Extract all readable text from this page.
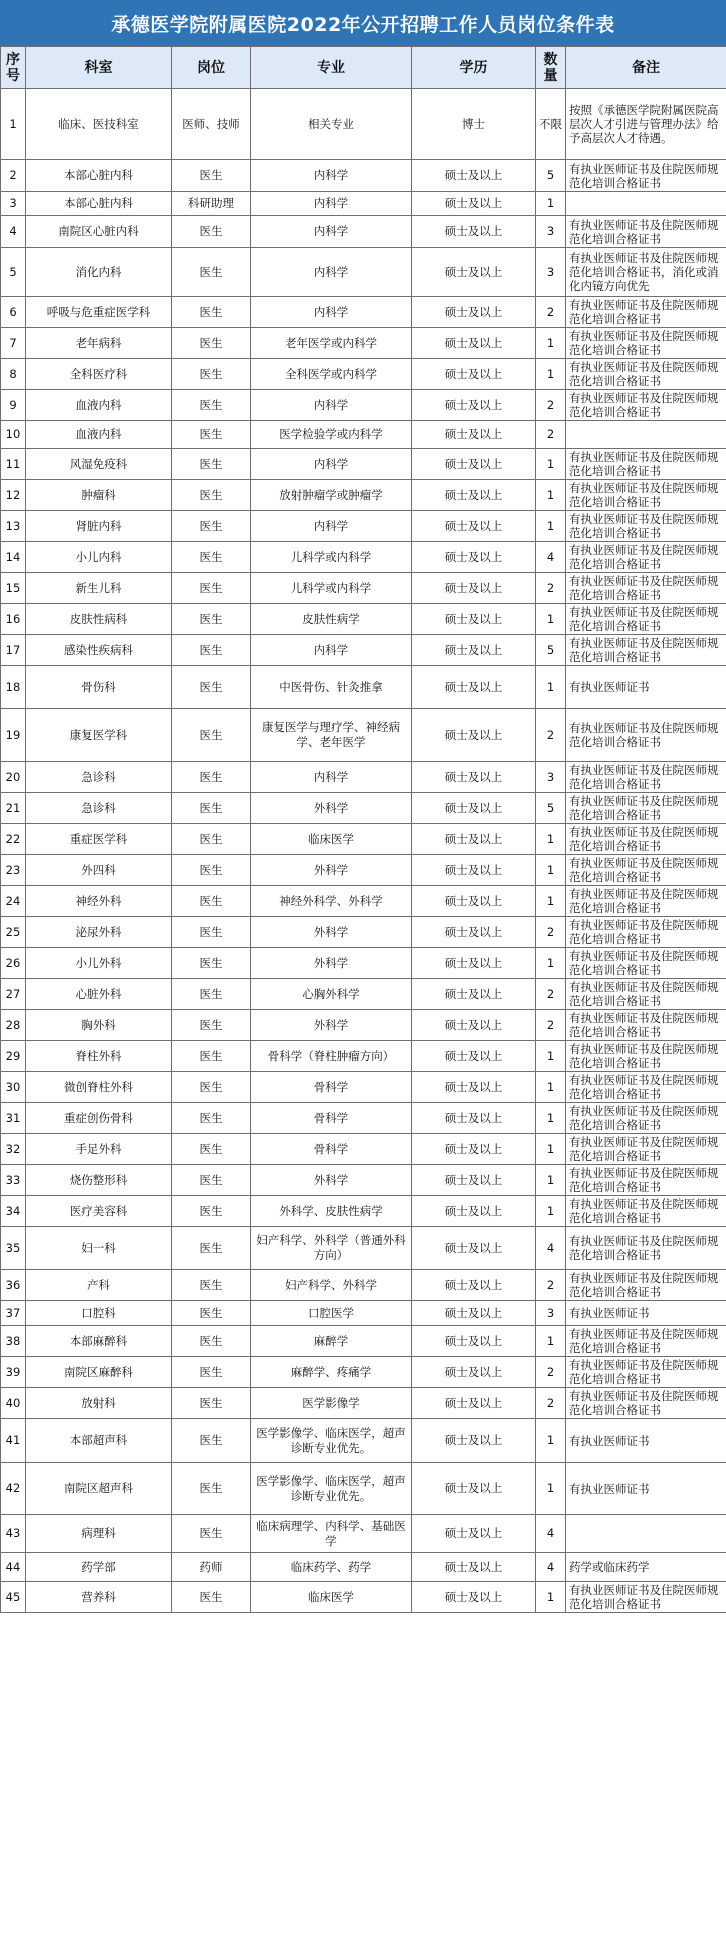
承德医学院附属医院2022年公开招聘工作人员岗位条件表
序号	科室	岗位	专业	学历	数量	备注
1	临床、医技科室	医师、技师	相关专业	博士	不限	按照《承德医学院附属医院高层次人才引进与管理办法》给予高层次人才待遇。
2	本部心脏内科	医生	内科学	硕士及以上	5	有执业医师证书及住院医师规范化培训合格证书
3	本部心脏内科	科研助理	内科学	硕士及以上	1	
4	南院区心脏内科	医生	内科学	硕士及以上	3	有执业医师证书及住院医师规范化培训合格证书
5	消化内科	医生	内科学	硕士及以上	3	有执业医师证书及住院医师规范化培训合格证书，消化或消化内镜方向优先
6	呼吸与危重症医学科	医生	内科学	硕士及以上	2	有执业医师证书及住院医师规范化培训合格证书
7	老年病科	医生	老年医学或内科学	硕士及以上	1	有执业医师证书及住院医师规范化培训合格证书
8	全科医疗科	医生	全科医学或内科学	硕士及以上	1	有执业医师证书及住院医师规范化培训合格证书
9	血液内科	医生	内科学	硕士及以上	2	有执业医师证书及住院医师规范化培训合格证书
10	血液内科	医生	医学检验学或内科学	硕士及以上	2	
11	风湿免疫科	医生	内科学	硕士及以上	1	有执业医师证书及住院医师规范化培训合格证书
12	肿瘤科	医生	放射肿瘤学或肿瘤学	硕士及以上	1	有执业医师证书及住院医师规范化培训合格证书
13	肾脏内科	医生	内科学	硕士及以上	1	有执业医师证书及住院医师规范化培训合格证书
14	小儿内科	医生	儿科学或内科学	硕士及以上	4	有执业医师证书及住院医师规范化培训合格证书
15	新生儿科	医生	儿科学或内科学	硕士及以上	2	有执业医师证书及住院医师规范化培训合格证书
16	皮肤性病科	医生	皮肤性病学	硕士及以上	1	有执业医师证书及住院医师规范化培训合格证书
17	感染性疾病科	医生	内科学	硕士及以上	5	有执业医师证书及住院医师规范化培训合格证书
18	骨伤科	医生	中医骨伤、针灸推拿	硕士及以上	1	有执业医师证书
19	康复医学科	医生	康复医学与理疗学、神经病学、老年医学	硕士及以上	2	有执业医师证书及住院医师规范化培训合格证书
20	急诊科	医生	内科学	硕士及以上	3	有执业医师证书及住院医师规范化培训合格证书
21	急诊科	医生	外科学	硕士及以上	5	有执业医师证书及住院医师规范化培训合格证书
22	重症医学科	医生	临床医学	硕士及以上	1	有执业医师证书及住院医师规范化培训合格证书
23	外四科	医生	外科学	硕士及以上	1	有执业医师证书及住院医师规范化培训合格证书
24	神经外科	医生	神经外科学、外科学	硕士及以上	1	有执业医师证书及住院医师规范化培训合格证书
25	泌尿外科	医生	外科学	硕士及以上	2	有执业医师证书及住院医师规范化培训合格证书
26	小儿外科	医生	外科学	硕士及以上	1	有执业医师证书及住院医师规范化培训合格证书
27	心脏外科	医生	心胸外科学	硕士及以上	2	有执业医师证书及住院医师规范化培训合格证书
28	胸外科	医生	外科学	硕士及以上	2	有执业医师证书及住院医师规范化培训合格证书
29	脊柱外科	医生	骨科学（脊柱肿瘤方向）	硕士及以上	1	有执业医师证书及住院医师规范化培训合格证书
30	微创脊柱外科	医生	骨科学	硕士及以上	1	有执业医师证书及住院医师规范化培训合格证书
31	重症创伤骨科	医生	骨科学	硕士及以上	1	有执业医师证书及住院医师规范化培训合格证书
32	手足外科	医生	骨科学	硕士及以上	1	有执业医师证书及住院医师规范化培训合格证书
33	烧伤整形科	医生	外科学	硕士及以上	1	有执业医师证书及住院医师规范化培训合格证书
34	医疗美容科	医生	外科学、皮肤性病学	硕士及以上	1	有执业医师证书及住院医师规范化培训合格证书
35	妇一科	医生	妇产科学、外科学（普通外科方向）	硕士及以上	4	有执业医师证书及住院医师规范化培训合格证书
36	产科	医生	妇产科学、外科学	硕士及以上	2	有执业医师证书及住院医师规范化培训合格证书
37	口腔科	医生	口腔医学	硕士及以上	3	有执业医师证书
38	本部麻醉科	医生	麻醉学	硕士及以上	1	有执业医师证书及住院医师规范化培训合格证书
39	南院区麻醉科	医生	麻醉学、疼痛学	硕士及以上	2	有执业医师证书及住院医师规范化培训合格证书
40	放射科	医生	医学影像学	硕士及以上	2	有执业医师证书及住院医师规范化培训合格证书
41	本部超声科	医生	医学影像学、临床医学，超声诊断专业优先。	硕士及以上	1	有执业医师证书
42	南院区超声科	医生	医学影像学、临床医学，超声诊断专业优先。	硕士及以上	1	有执业医师证书
43	病理科	医生	临床病理学、内科学、基础医学	硕士及以上	4	
44	药学部	药师	临床药学、药学	硕士及以上	4	药学或临床药学
45	营养科	医生	临床医学	硕士及以上	1	有执业医师证书及住院医师规范化培训合格证书
